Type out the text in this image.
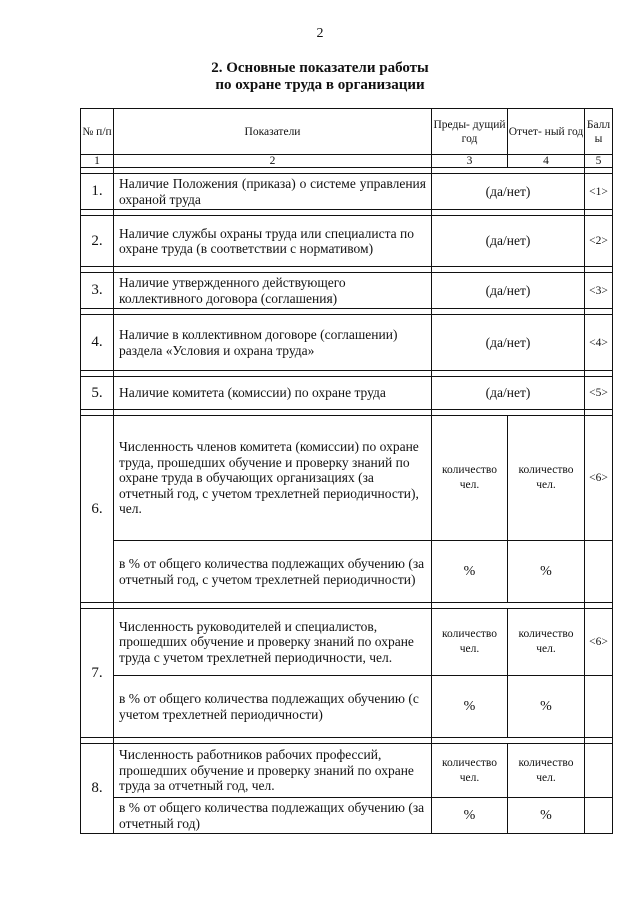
2
2. Основные показатели работы
по охране труда в организации
№ п/п	Показатели	Преды- дущий год	Отчет- ный год	Балл ы
1	2	3	4	5

1.	Наличие Положения (приказа) о системе управления охраной труда	(да/нет)		<1>

2.	Наличие службы охраны труда или специалиста по охране труда (в соответствии с нормативом)	(да/нет)		<2>

3.	Наличие утвержденного действующего коллективного договора (соглашения)	(да/нет)		<3>

4.	Наличие в коллективном договоре (соглашении) раздела «Условия и охрана труда»	(да/нет)		<4>

5.	Наличие комитета (комиссии) по охране труда	(да/нет)		<5>

6.	Численность членов комитета (комиссии) по охране труда, прошедших обучение и проверку знаний по охране труда в обучающих организациях (за отчетный год, с учетом трехлетней периодичности), чел.	количество чел.	количество чел.	<6>
	в % от общего количества подлежащих обучению (за отчетный год, с учетом трехлетней периодичности)	%	%	

7.	Численность руководителей и специалистов, прошедших обучение и проверку знаний по охране труда с учетом трехлетней периодичности, чел.	количество чел.	количество чел.	<6>
	в % от общего количества подлежащих обучению (с учетом трехлетней периодичности)	%	%	

8.	Численность работников рабочих профессий, прошедших обучение и проверку знаний по охране труда за отчетный год, чел.	количество чел.	количество чел.	
	в % от общего количества подлежащих обучению (за отчетный год)	%	%	
